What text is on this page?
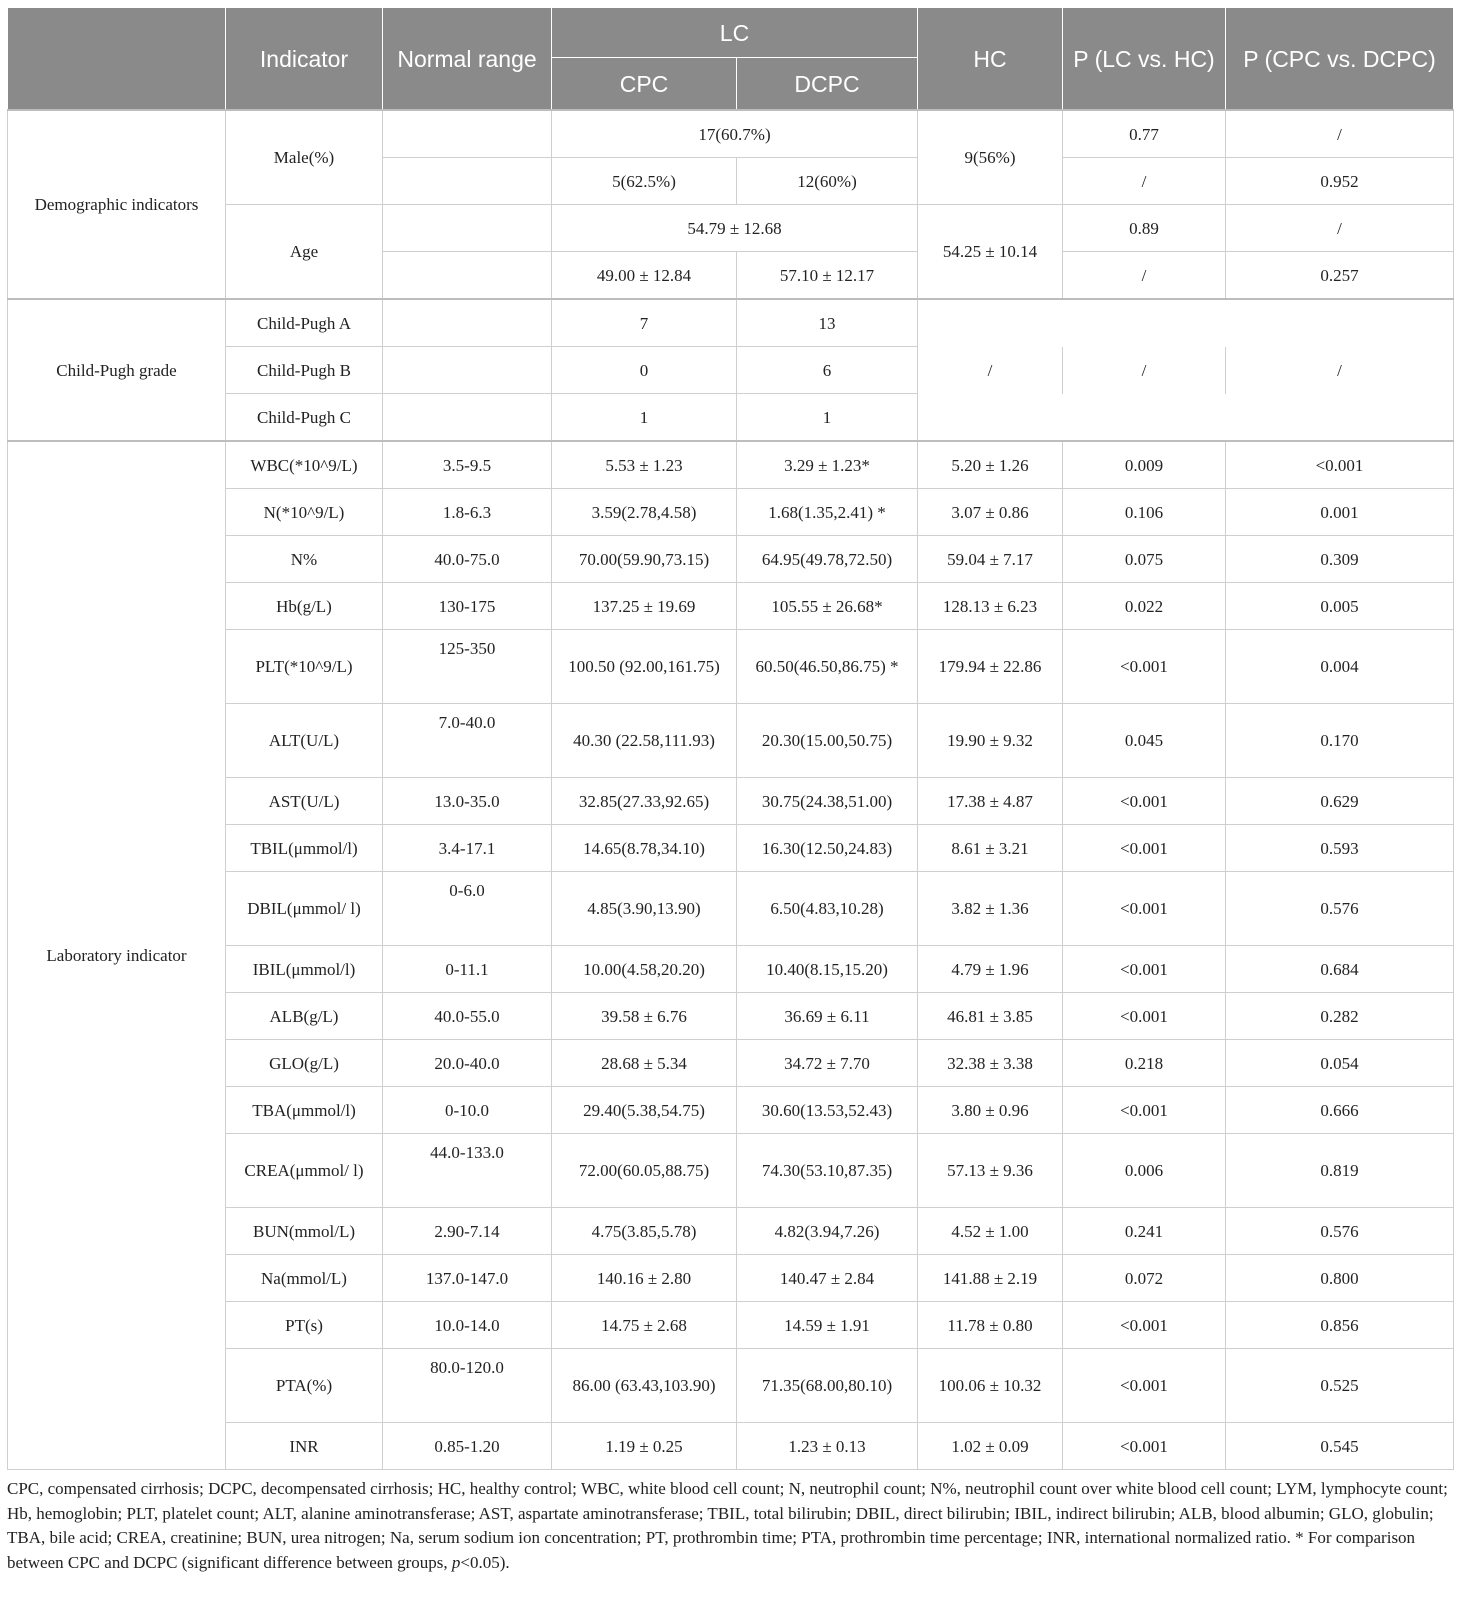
	Indicator	Normal range	LC		HC	P (LC vs. HC)	P (CPC vs. DCPC)
			CPC	DCPC			
Demographic indicators	Male(%)		17(60.7%)		9(56%)	0.77	/
			5(62.5%)	12(60%)		/	0.952
	Age		54.79 ± 12.68		54.25 ± 10.14	0.89	/
			49.00 ± 12.84	57.10 ± 12.17		/	0.257
Child-Pugh grade	Child-Pugh A		7	13			
	Child-Pugh B		0	6	/	/	/
	Child-Pugh C		1	1			
Laboratory indicator	WBC(*10^9/L)	3.5-9.5	5.53 ± 1.23	3.29 ± 1.23*	5.20 ± 1.26	0.009	<0.001
	N(*10^9/L)	1.8-6.3	3.59(2.78,4.58)	1.68(1.35,2.41) *	3.07 ± 0.86	0.106	0.001
	N%	40.0-75.0	70.00(59.90,73.15)	64.95(49.78,72.50)	59.04 ± 7.17	0.075	0.309
	Hb(g/L)	130-175	137.25 ± 19.69	105.55 ± 26.68*	128.13 ± 6.23	0.022	0.005
	PLT(*10^9/L)	125-350	100.50 (92.00,161.75)	60.50(46.50,86.75) *	179.94 ± 22.86	<0.001	0.004
	ALT(U/L)	7.0-40.0	40.30 (22.58,111.93)	20.30(15.00,50.75)	19.90 ± 9.32	0.045	0.170
	AST(U/L)	13.0-35.0	32.85(27.33,92.65)	30.75(24.38,51.00)	17.38 ± 4.87	<0.001	0.629
	TBIL(μmmol/l)	3.4-17.1	14.65(8.78,34.10)	16.30(12.50,24.83)	8.61 ± 3.21	<0.001	0.593
	DBIL(μmmol/ l)	0-6.0	4.85(3.90,13.90)	6.50(4.83,10.28)	3.82 ± 1.36	<0.001	0.576
	IBIL(μmmol/l)	0-11.1	10.00(4.58,20.20)	10.40(8.15,15.20)	4.79 ± 1.96	<0.001	0.684
	ALB(g/L)	40.0-55.0	39.58 ± 6.76	36.69 ± 6.11	46.81 ± 3.85	<0.001	0.282
	GLO(g/L)	20.0-40.0	28.68 ± 5.34	34.72 ± 7.70	32.38 ± 3.38	0.218	0.054
	TBA(μmmol/l)	0-10.0	29.40(5.38,54.75)	30.60(13.53,52.43)	3.80 ± 0.96	<0.001	0.666
	CREA(μmmol/ l)	44.0-133.0	72.00(60.05,88.75)	74.30(53.10,87.35)	57.13 ± 9.36	0.006	0.819
	BUN(mmol/L)	2.90-7.14	4.75(3.85,5.78)	4.82(3.94,7.26)	4.52 ± 1.00	0.241	0.576
	Na(mmol/L)	137.0-147.0	140.16 ± 2.80	140.47 ± 2.84	141.88 ± 2.19	0.072	0.800
	PT(s)	10.0-14.0	14.75 ± 2.68	14.59 ± 1.91	11.78 ± 0.80	<0.001	0.856
	PTA(%)	80.0-120.0	86.00 (63.43,103.90)	71.35(68.00,80.10)	100.06 ± 10.32	<0.001	0.525
	INR	0.85-1.20	1.19 ± 0.25	1.23 ± 0.13	1.02 ± 0.09	<0.001	0.545
CPC, compensated cirrhosis; DCPC, decompensated cirrhosis; HC, healthy control; WBC, white blood cell count; N, neutrophil count; N%, neutrophil count over white blood cell count; LYM, lymphocyte count; Hb, hemoglobin; PLT, platelet count; ALT, alanine aminotransferase; AST, aspartate aminotransferase; TBIL, total bilirubin; DBIL, direct bilirubin; IBIL, indirect bilirubin; ALB, blood albumin; GLO, globulin; TBA, bile acid; CREA, creatinine; BUN, urea nitrogen; Na, serum sodium ion concentration; PT, prothrombin time; PTA, prothrombin time percentage; INR, international normalized ratio. * For comparison between CPC and DCPC (significant difference between groups, p<0.05).
